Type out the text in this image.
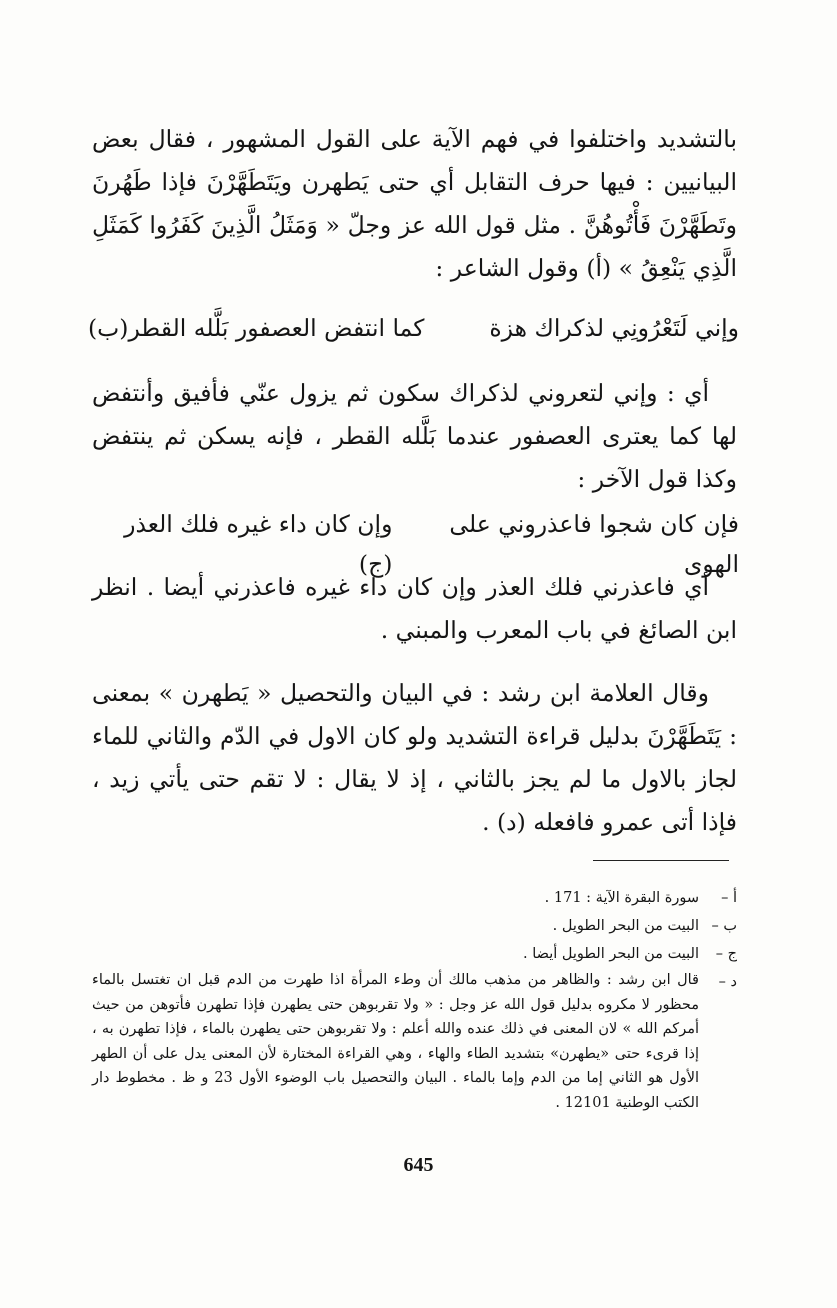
بالتشديد واختلفوا في فهم الآية على القول المشهور ، فقال بعض البيانيين : فيها حرف التقابل أي حتى يَطهرن ويَتَطَهَّرْنَ فإذا طَهُرنَ وتَطَهَّرْنَ فَأْتُوهُنَّ . مثل قول الله عز وجلّ « وَمَثَلُ الَّذِينَ كَفَرُوا كَمَثَلِ الَّذِي يَنْعِقُ » (أ) وقول الشاعر :
وإني لَتَعْرُونِي لذكراك هزة
كما انتفض العصفور بَلَّله القطر(ب)
أي : وإني لتعروني لذكراك سكون ثم يزول عنّي فأفيق وأنتفض لها كما يعترى العصفور عندما بَلَّله القطر ، فإنه يسكن ثم ينتفض وكذا قول الآخر :
فإن كان شجوا فاعذروني على الهوى
وإن كان داء غيره فلك العذر (ج)
أي فاعذرني فلك العذر وإن كان داء غيره فاعذرني أيضا . انظر ابن الصائغ في باب المعرب والمبني .
وقال العلامة ابن رشد : في البيان والتحصيل « يَطهرن » بمعنى : يَتَطَهَّرْنَ بدليل قراءة التشديد ولو كان الاول في الدّم والثاني للماء لجاز بالاول ما لم يجز بالثاني ، إذ لا يقال : لا تقم حتى يأتي زيد ، فإذا أتى عمرو فافعله (د) .
أ –
سورة البقرة الآية : 171 .
ب –
البيت من البحر الطويل .
ج –
البيت من البحر الطويل أيضا .
د –
قال ابن رشد : والظاهر من مذهب مالك أن وطء المرأة اذا طهرت من الدم قبل ان تغتسل بالماء محظور لا مكروه بدليل قول الله عز وجل : « ولا تقربوهن حتى يطهرن فإذا تطهرن فأتوهن من حيث أمركم الله » لان المعنى في ذلك عنده والله أعلم : ولا تقربوهن حتى يطهرن بالماء ، فإذا تطهرن به ، إذا قرىء حتى «يطهرن» بتشديد الطاء والهاء ، وهي القراءة المختارة لأن المعنى يدل على أن الطهر الأول هو الثاني إما من الدم وإما بالماء . البيان والتحصيل باب الوضوء الأول 23 و ظ . مخطوط دار الكتب الوطنية 12101 .
645
